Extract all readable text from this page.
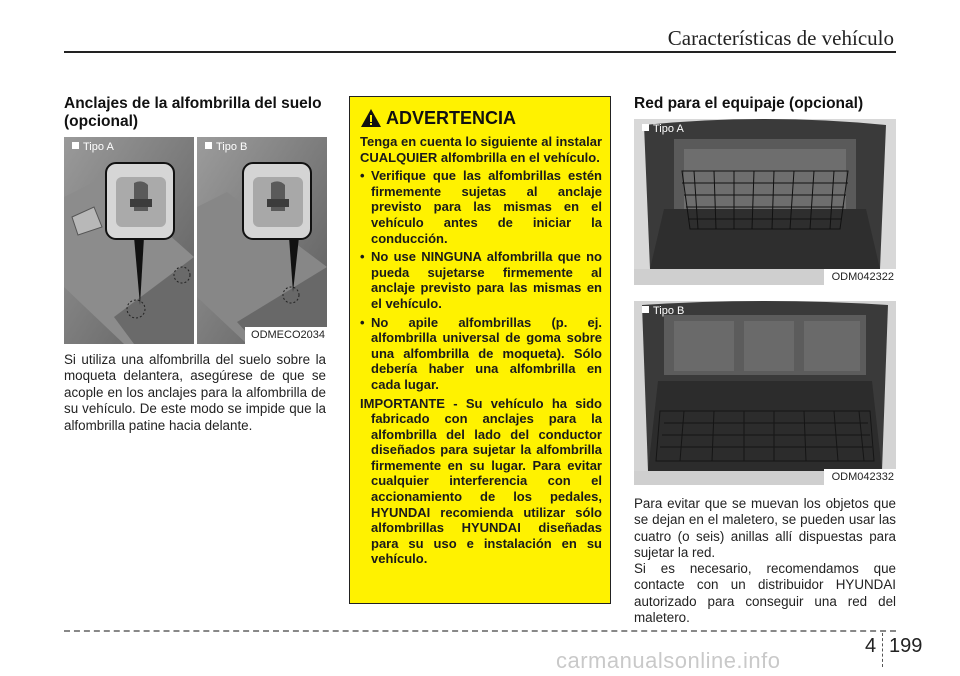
Características de vehículo
Anclajes de la alfombrilla del suelo (opcional)
Tipo A	Tipo B
ODMECO2034

Si utiliza una alfombrilla del suelo sobre la moqueta delantera, asegúrese de que se acople en los anclajes para la alfombrilla de su vehículo. De este modo se impide que la alfombrilla patine hacia delante.

ADVERTENCIA

Tenga en cuenta lo siguiente al instalar CUALQUIER alfombrilla en el vehículo.

• Verifique que las alfombrillas estén firmemente sujetas al anclaje previsto para las mismas en el vehículo antes de iniciar la conducción.
• No use NINGUNA alfombrilla que no pueda sujetarse firmemente al anclaje previsto para las mismas en el vehículo.
• No apile alfombrillas (p. ej. alfombrilla universal de goma sobre una alfombrilla de moqueta). Sólo debería haber una alfombrilla en cada lugar.

IMPORTANTE - Su vehículo ha sido fabricado con anclajes para la alfombrilla del lado del conductor diseñados para sujetar la alfombrilla firmemente en su lugar. Para evitar cualquier interferencia con el accionamiento de los pedales, HYUNDAI recomienda utilizar sólo alfombrillas HYUNDAI diseñadas para su uso e instalación en su vehículo.

Red para el equipaje (opcional)
Tipo A
ODM042322
Tipo B
ODM042332

Para evitar que se muevan los objetos que se dejan en el maletero, se pueden usar las cuatro (o seis) anillas allí dispuestas para sujetar la red.

Si es necesario, recomendamos que contacte con un distribuidor HYUNDAI autorizado para conseguir una red del maletero.

4 199
carmanualsonline.info
